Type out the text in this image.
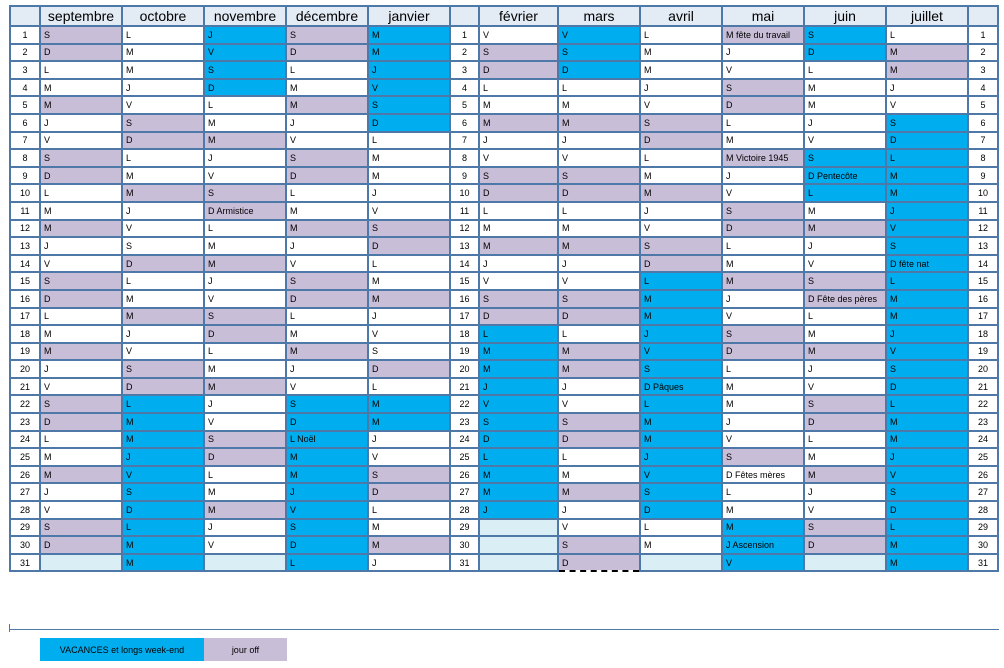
	septembre	octobre	novembre	décembre	janvier		février	mars	avril	mai	juin	juillet	
1	S	L	J	S	M	1	V	V	L	M fête du travail	S	L	1
2	D	M	V	D	M	2	S	S	M	J	D	M	2
3	L	M	S	L	J	3	D	D	M	V	L	M	3
4	M	J	D	M	V	4	L	L	J	S	M	J	4
5	M	V	L	M	S	5	M	M	V	D	M	V	5
6	J	S	M	J	D	6	M	M	S	L	J	S	6
7	V	D	M	V	L	7	J	J	D	M	V	D	7
8	S	L	J	S	M	8	V	V	L	M Victoire 1945	S	L	8
9	D	M	V	D	M	9	S	S	M	J	D Pentecôte	M	9
10	L	M	S	L	J	10	D	D	M	V	L	M	10
11	M	J	D Armistice	M	V	11	L	L	J	S	M	J	11
12	M	V	L	M	S	12	M	M	V	D	M	V	12
13	J	S	M	J	D	13	M	M	S	L	J	S	13
14	V	D	M	V	L	14	J	J	D	M	V	D fête nat	14
15	S	L	J	S	M	15	V	V	L	M	S	L	15
16	D	M	V	D	M	16	S	S	M	J	D Fête des pères	M	16
17	L	M	S	L	J	17	D	D	M	V	L	M	17
18	M	J	D	M	V	18	L	L	J	S	M	J	18
19	M	V	L	M	S	19	M	M	V	D	M	V	19
20	J	S	M	J	D	20	M	M	S	L	J	S	20
21	V	D	M	V	L	21	J	J	D Pâques	M	V	D	21
22	S	L	J	S	M	22	V	V	L	M	S	L	22
23	D	M	V	D	M	23	S	S	M	J	D	M	23
24	L	M	S	L Noël	J	24	D	D	M	V	L	M	24
25	M	J	D	M	V	25	L	L	J	S	M	J	25
26	M	V	L	M	S	26	M	M	V	D Fêtes mères	M	V	26
27	J	S	M	J	D	27	M	M	S	L	J	S	27
28	V	D	M	V	L	28	J	J	D	M	V	D	28
29	S	L	J	S	M	29		V	L	M	S	L	29
30	D	M	V	D	M	30		S	M	J Ascension	D	M	30
31		M		L	J	31		D		V		M	31
VACANCES et longs week-end	jour off
